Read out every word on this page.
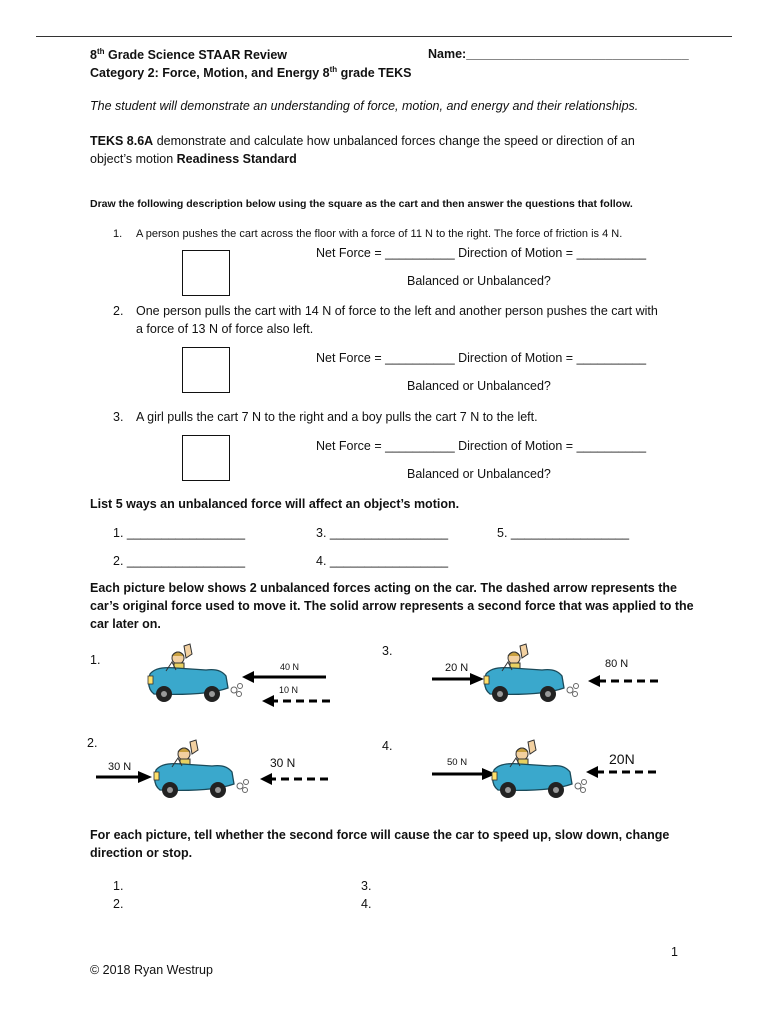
8th Grade Science STAAR Review	Name:________________________________
Category 2: Force, Motion, and Energy 8th grade TEKS
The student will demonstrate an understanding of force, motion, and energy and their relationships.
TEKS 8.6A demonstrate and calculate how unbalanced forces change the speed or direction of an
object’s motion Readiness Standard
Draw the following description below using the square as the cart and then answer the questions that follow.
1. A person pushes the cart across the floor with a force of 11 N to the right. The force of friction is 4 N.
Net Force = __________ Direction of Motion = __________
Balanced or Unbalanced?
2. One person pulls the cart with 14 N of force to the left and another person pushes the cart with
a force of 13 N of force also left.
Net Force = __________ Direction of Motion = __________
Balanced or Unbalanced?
3. A girl pulls the cart 7 N to the right and a boy pulls the cart 7 N to the left.
Net Force = __________ Direction of Motion = __________
Balanced or Unbalanced?
List 5 ways an unbalanced force will affect an object’s motion.
1. _________________
2. _________________
3. _________________
4. _________________
5. _________________
Each picture below shows 2 unbalanced forces acting on the car. The dashed arrow represents the
car’s original force used to move it. The solid arrow represents a second force that was applied to the
car later on.
1.	40 N
10 N
2.
30 N	30 N
3.
20 N	80 N
4.
50 N	20N
For each picture, tell whether the second force will cause the car to speed up, slow down, change
direction or stop.
1.
2.
3.
4.
1
© 2018 Ryan Westrup
